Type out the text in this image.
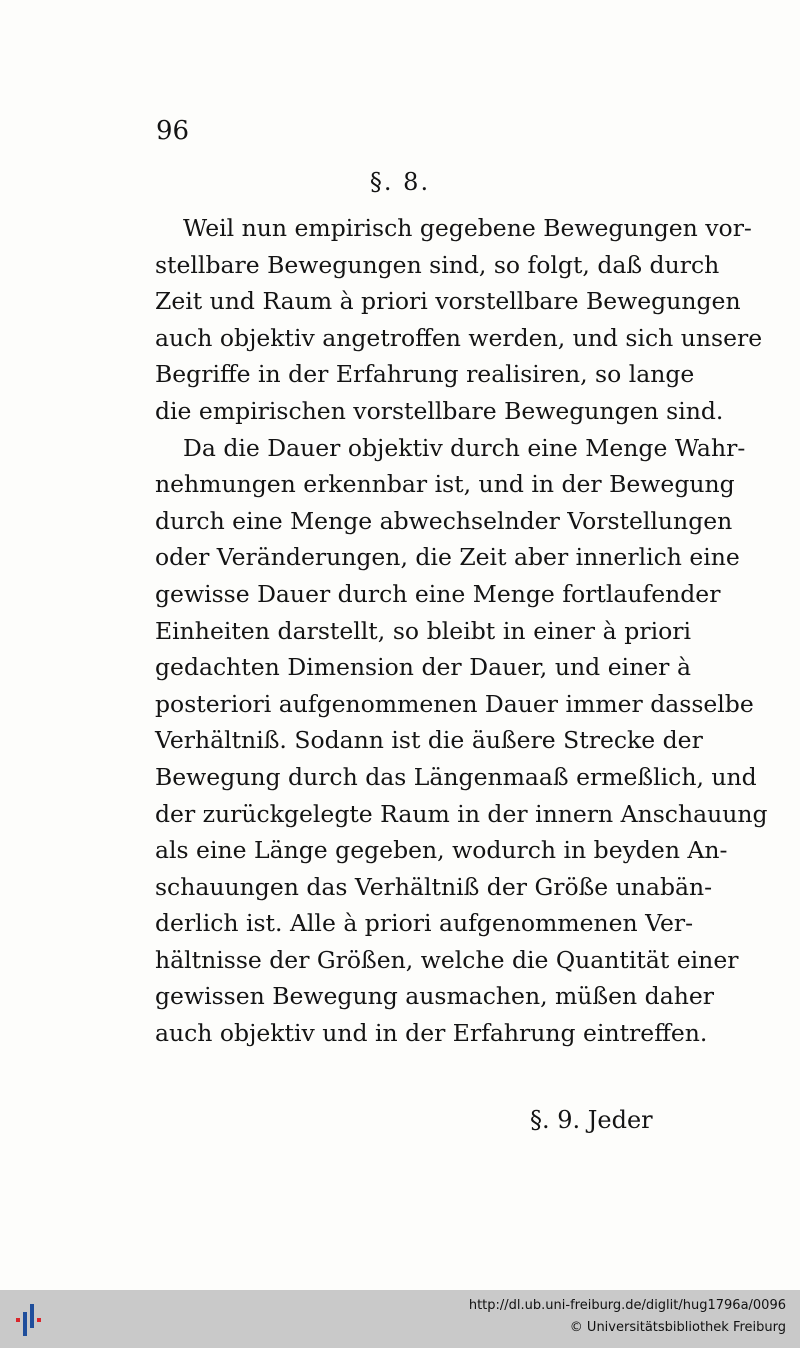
96
§. 8.
Weil nun empirisch gegebene Bewegungen vor-
stellbare Bewegungen sind, so folgt, daß durch
Zeit und Raum à priori vorstellbare Bewegungen
auch objektiv angetroffen werden, und sich unsere
Begriffe in der Erfahrung realisiren, so lange
die empirischen vorstellbare Bewegungen sind.
Da die Dauer objektiv durch eine Menge Wahr-
nehmungen erkennbar ist, und in der Bewegung
durch eine Menge abwechselnder Vorstellungen
oder Veränderungen, die Zeit aber innerlich eine
gewisse Dauer durch eine Menge fortlaufender
Einheiten darstellt, so bleibt in einer à priori
gedachten Dimension der Dauer, und einer à
posteriori aufgenommenen Dauer immer dasselbe
Verhältniß. Sodann ist die äußere Strecke der
Bewegung durch das Längenmaaß ermeßlich, und
der zurückgelegte Raum in der innern Anschauung
als eine Länge gegeben, wodurch in beyden An-
schauungen das Verhältniß der Größe unabän-
derlich ist. Alle à priori aufgenommenen Ver-
hältnisse der Größen, welche die Quantität einer
gewissen Bewegung ausmachen, müßen daher
auch objektiv und in der Erfahrung eintreffen.
§. 9. Jeder
http://dl.ub.uni-freiburg.de/diglit/hug1796a/0096
© Universitätsbibliothek Freiburg
